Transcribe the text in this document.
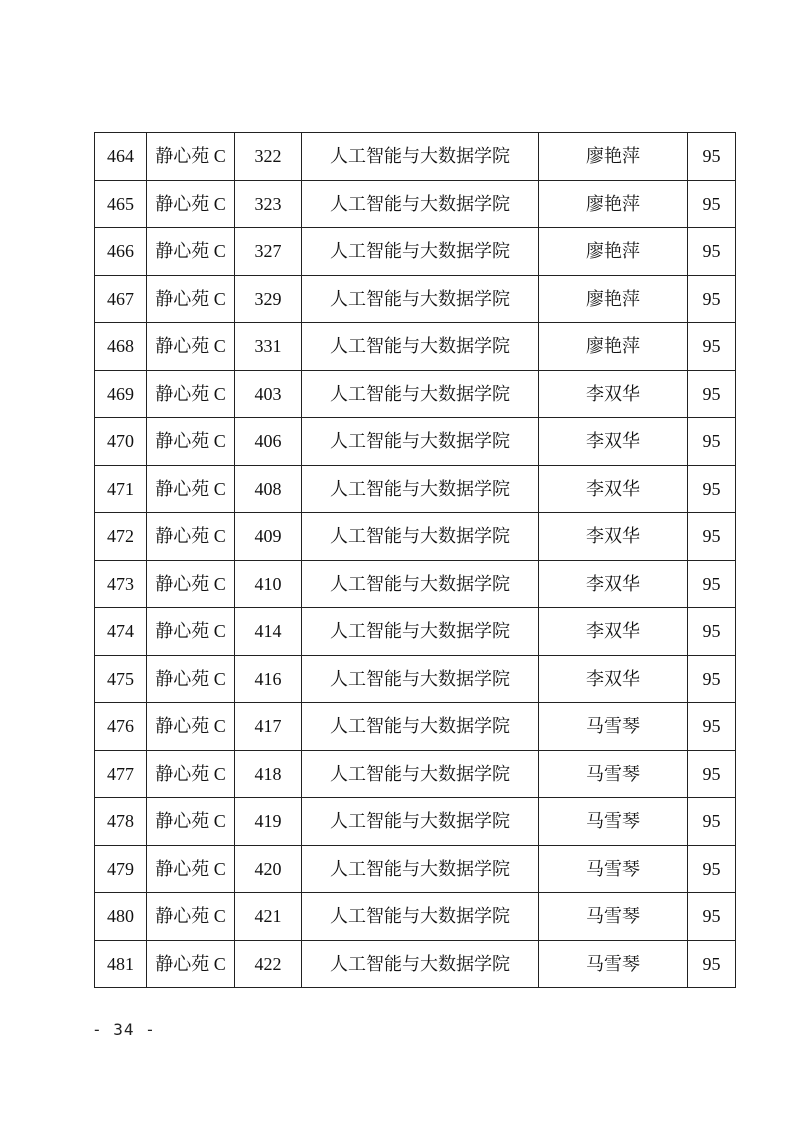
464	静心苑 C	322	人工智能与大数据学院	廖艳萍	95
465	静心苑 C	323	人工智能与大数据学院	廖艳萍	95
466	静心苑 C	327	人工智能与大数据学院	廖艳萍	95
467	静心苑 C	329	人工智能与大数据学院	廖艳萍	95
468	静心苑 C	331	人工智能与大数据学院	廖艳萍	95
469	静心苑 C	403	人工智能与大数据学院	李双华	95
470	静心苑 C	406	人工智能与大数据学院	李双华	95
471	静心苑 C	408	人工智能与大数据学院	李双华	95
472	静心苑 C	409	人工智能与大数据学院	李双华	95
473	静心苑 C	410	人工智能与大数据学院	李双华	95
474	静心苑 C	414	人工智能与大数据学院	李双华	95
475	静心苑 C	416	人工智能与大数据学院	李双华	95
476	静心苑 C	417	人工智能与大数据学院	马雪琴	95
477	静心苑 C	418	人工智能与大数据学院	马雪琴	95
478	静心苑 C	419	人工智能与大数据学院	马雪琴	95
479	静心苑 C	420	人工智能与大数据学院	马雪琴	95
480	静心苑 C	421	人工智能与大数据学院	马雪琴	95
481	静心苑 C	422	人工智能与大数据学院	马雪琴	95
- 34 -
